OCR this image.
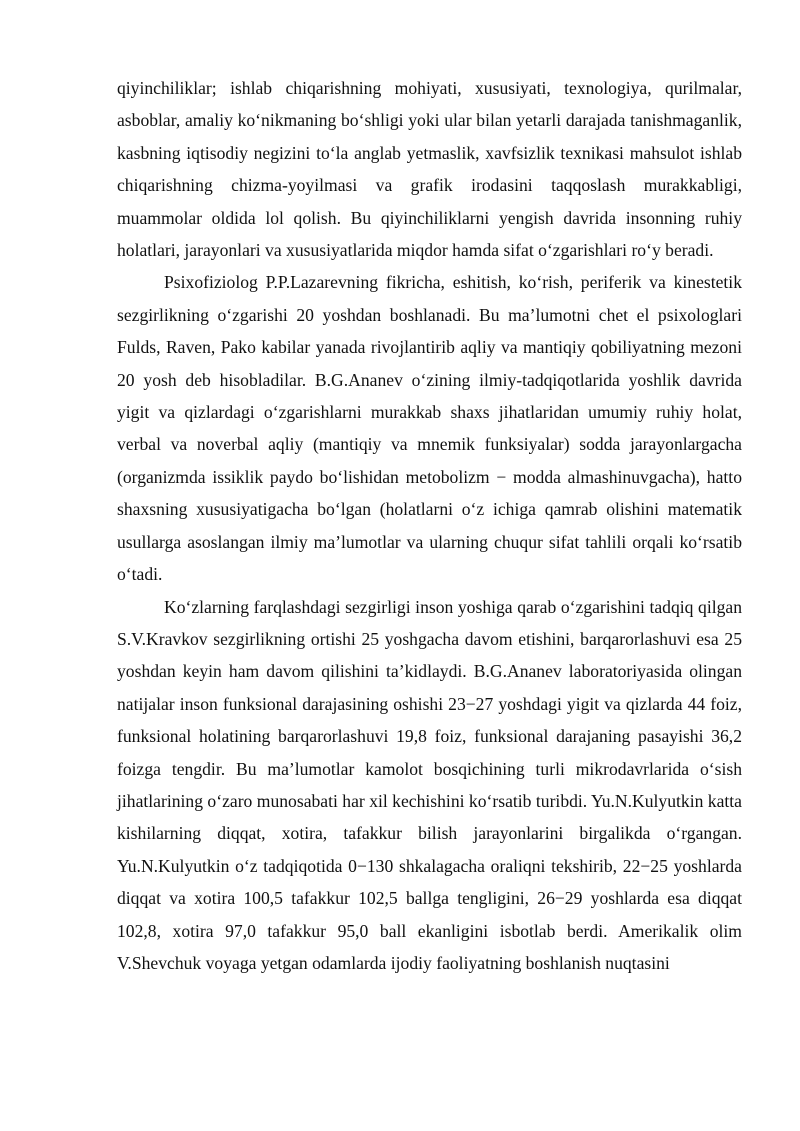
qiyinchiliklar; ishlab chiqarishning mohiyati, xususiyati, texnologiya, qurilmalar, asboblar, amaliy ko‘nikmaning bo‘shligi yoki ular bilan yetarli darajada tanishmaganlik, kasbning iqtisodiy negizini to‘la anglab yetmaslik, xavfsizlik texnikasi mahsulot ishlab chiqarishning chizma-yoyilmasi va grafik irodasini taqqoslash murakkabligi, muammolar oldida lol qolish. Bu qiyinchiliklarni yengish davrida insonning ruhiy holatlari, jarayonlari va xususiyatlarida miqdor hamda sifat o‘zgarishlari ro‘y beradi.

Psixofiziolog P.P.Lazarevning fikricha, eshitish, ko‘rish, periferik va kinestetik sezgirlikning o‘zgarishi 20 yoshdan boshlanadi. Bu ma’lumotni chet el psixologlari Fulds, Raven, Pako kabilar yanada rivojlantirib aqliy va mantiqiy qobiliyatning mezoni 20 yosh deb hisobladilar. B.G.Ananev o‘zining ilmiy-tadqiqotlarida yoshlik davrida yigit va qizlardagi o‘zgarishlarni murakkab shaxs jihatlaridan umumiy ruhiy holat, verbal va noverbal aqliy (mantiqiy va mnemik funksiyalar) sodda jarayonlargacha (organizmda issiklik paydo bo‘lishidan metobolizm − modda almashinuvgacha), hatto shaxsning xususiyatigacha bo‘lgan (holatlarni o‘z ichiga qamrab olishini matematik usullarga asoslangan ilmiy ma’lumotlar va ularning chuqur sifat tahlili orqali ko‘rsatib o‘tadi.

Ko‘zlarning farqlashdagi sezgirligi inson yoshiga qarab o‘zgarishini tadqiq qilgan S.V.Kravkov sezgirlikning ortishi 25 yoshgacha davom etishini, barqarorlashuvi esa 25 yoshdan keyin ham davom qilishini ta’kidlaydi. B.G.Ananev laboratoriyasida olingan natijalar inson funksional darajasining oshishi 23−27 yoshdagi yigit va qizlarda 44 foiz, funksional holatining barqarorlashuvi 19,8 foiz, funksional darajaning pasayishi 36,2 foizga tengdir. Bu ma’lumotlar kamolot bosqichining turli mikrodavrlarida o‘sish jihatlarining o‘zaro munosabati har xil kechishini ko‘rsatib turibdi. Yu.N.Kulyutkin katta kishilarning diqqat, xotira, tafakkur bilish jarayonlarini birgalikda o‘rgangan. Yu.N.Kulyutkin o‘z tadqiqotida 0−130 shkalagacha oraliqni tekshirib, 22−25 yoshlarda diqqat va xotira 100,5 tafakkur 102,5 ballga tengligini, 26−29 yoshlarda esa diqqat 102,8, xotira 97,0 tafakkur 95,0 ball ekanligini isbotlab berdi. Amerikalik olim V.Shevchuk voyaga yetgan odamlarda ijodiy faoliyatning boshlanish nuqtasini
